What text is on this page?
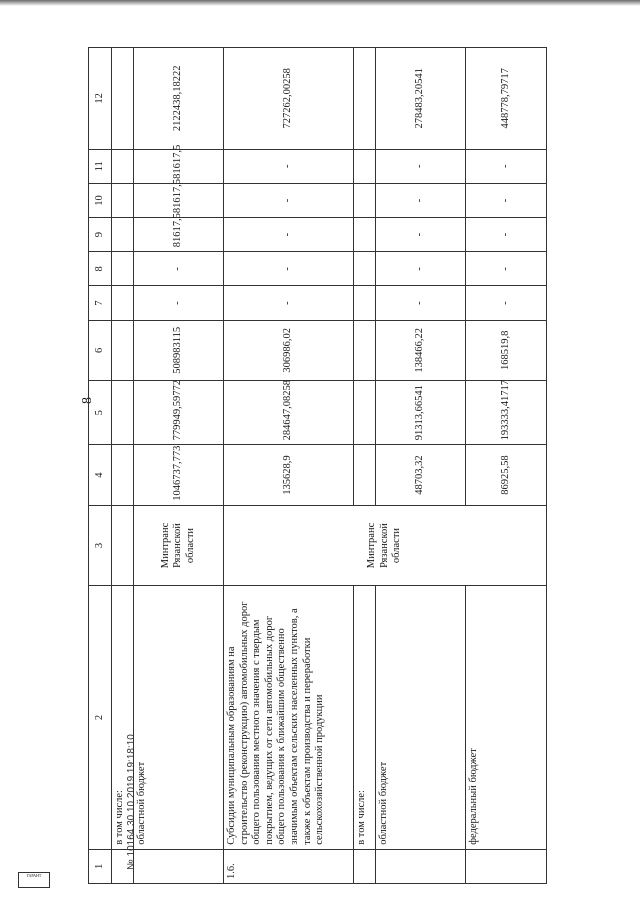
8
1	2	3	4	5	6	7	8	9	10	11	12
	в том числе:										
	областной бюджет	Минтранс Рязанской области	1046737,773	779949,59772	508983115	-	-	81617,5	81617,5	81617,5	2122438,18222
1.6.	Субсидии муниципальным образованиям на строительство (реконструкцию) автомобильных дорог общего пользования местного значения с твердым покрытием, ведущих от сети автомобильных дорог общего пользования к ближайшим общественно значимым объектам сельских населенных пунктов, а также к объектам производства и переработки сельскохозяйственной продукции	Минтранс Рязанской области	135628,9	284647,08258	306986,02	-	-	-	-	-	727262,00258
	в том числе:										
	областной бюджет		48703,32	91313,66541	138466,22	-	-	-	-	-	278483,20541
	федеральный бюджет		86925,58	193333,41717	168519,8	-	-	-	-	-	448778,79717
ГАРАНТ
№ 10164 30.10.2019 19:18:10
